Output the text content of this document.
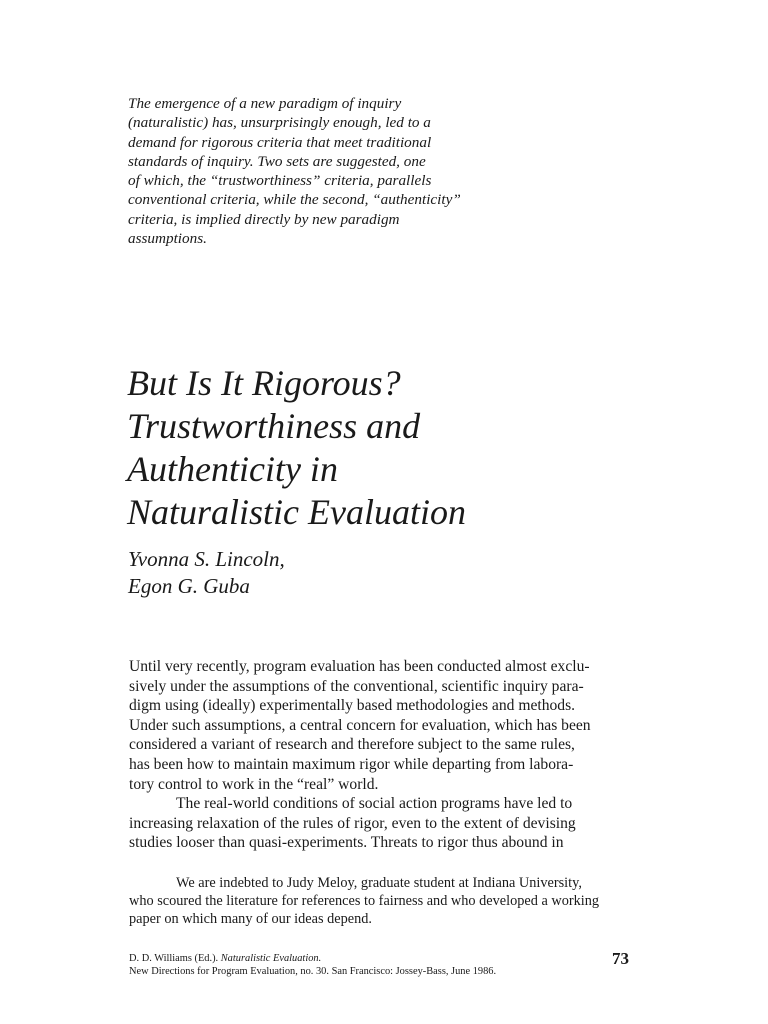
The emergence of a new paradigm of inquiry
(naturalistic) has, unsurprisingly enough, led to a
demand for rigorous criteria that meet traditional
standards of inquiry. Two sets are suggested, one
of which, the “trustworthiness” criteria, parallels
conventional criteria, while the second, “authenticity”
criteria, is implied directly by new paradigm
assumptions.
But Is It Rigorous?
Trustworthiness and
Authenticity in
Naturalistic Evaluation
Yvonna S. Lincoln,
Egon G. Guba
Until very recently, program evaluation has been conducted almost exclu-
sively under the assumptions of the conventional, scientific inquiry para-
digm using (ideally) experimentally based methodologies and methods.
Under such assumptions, a central concern for evaluation, which has been
considered a variant of research and therefore subject to the same rules,
has been how to maintain maximum rigor while departing from labora-
tory control to work in the “real” world.
The real-world conditions of social action programs have led to
increasing relaxation of the rules of rigor, even to the extent of devising
studies looser than quasi-experiments. Threats to rigor thus abound in
We are indebted to Judy Meloy, graduate student at Indiana University,
who scoured the literature for references to fairness and who developed a working
paper on which many of our ideas depend.
D. D. Williams (Ed.). Naturalistic Evaluation.
New Directions for Program Evaluation, no. 30. San Francisco: Jossey-Bass, June 1986.
73
